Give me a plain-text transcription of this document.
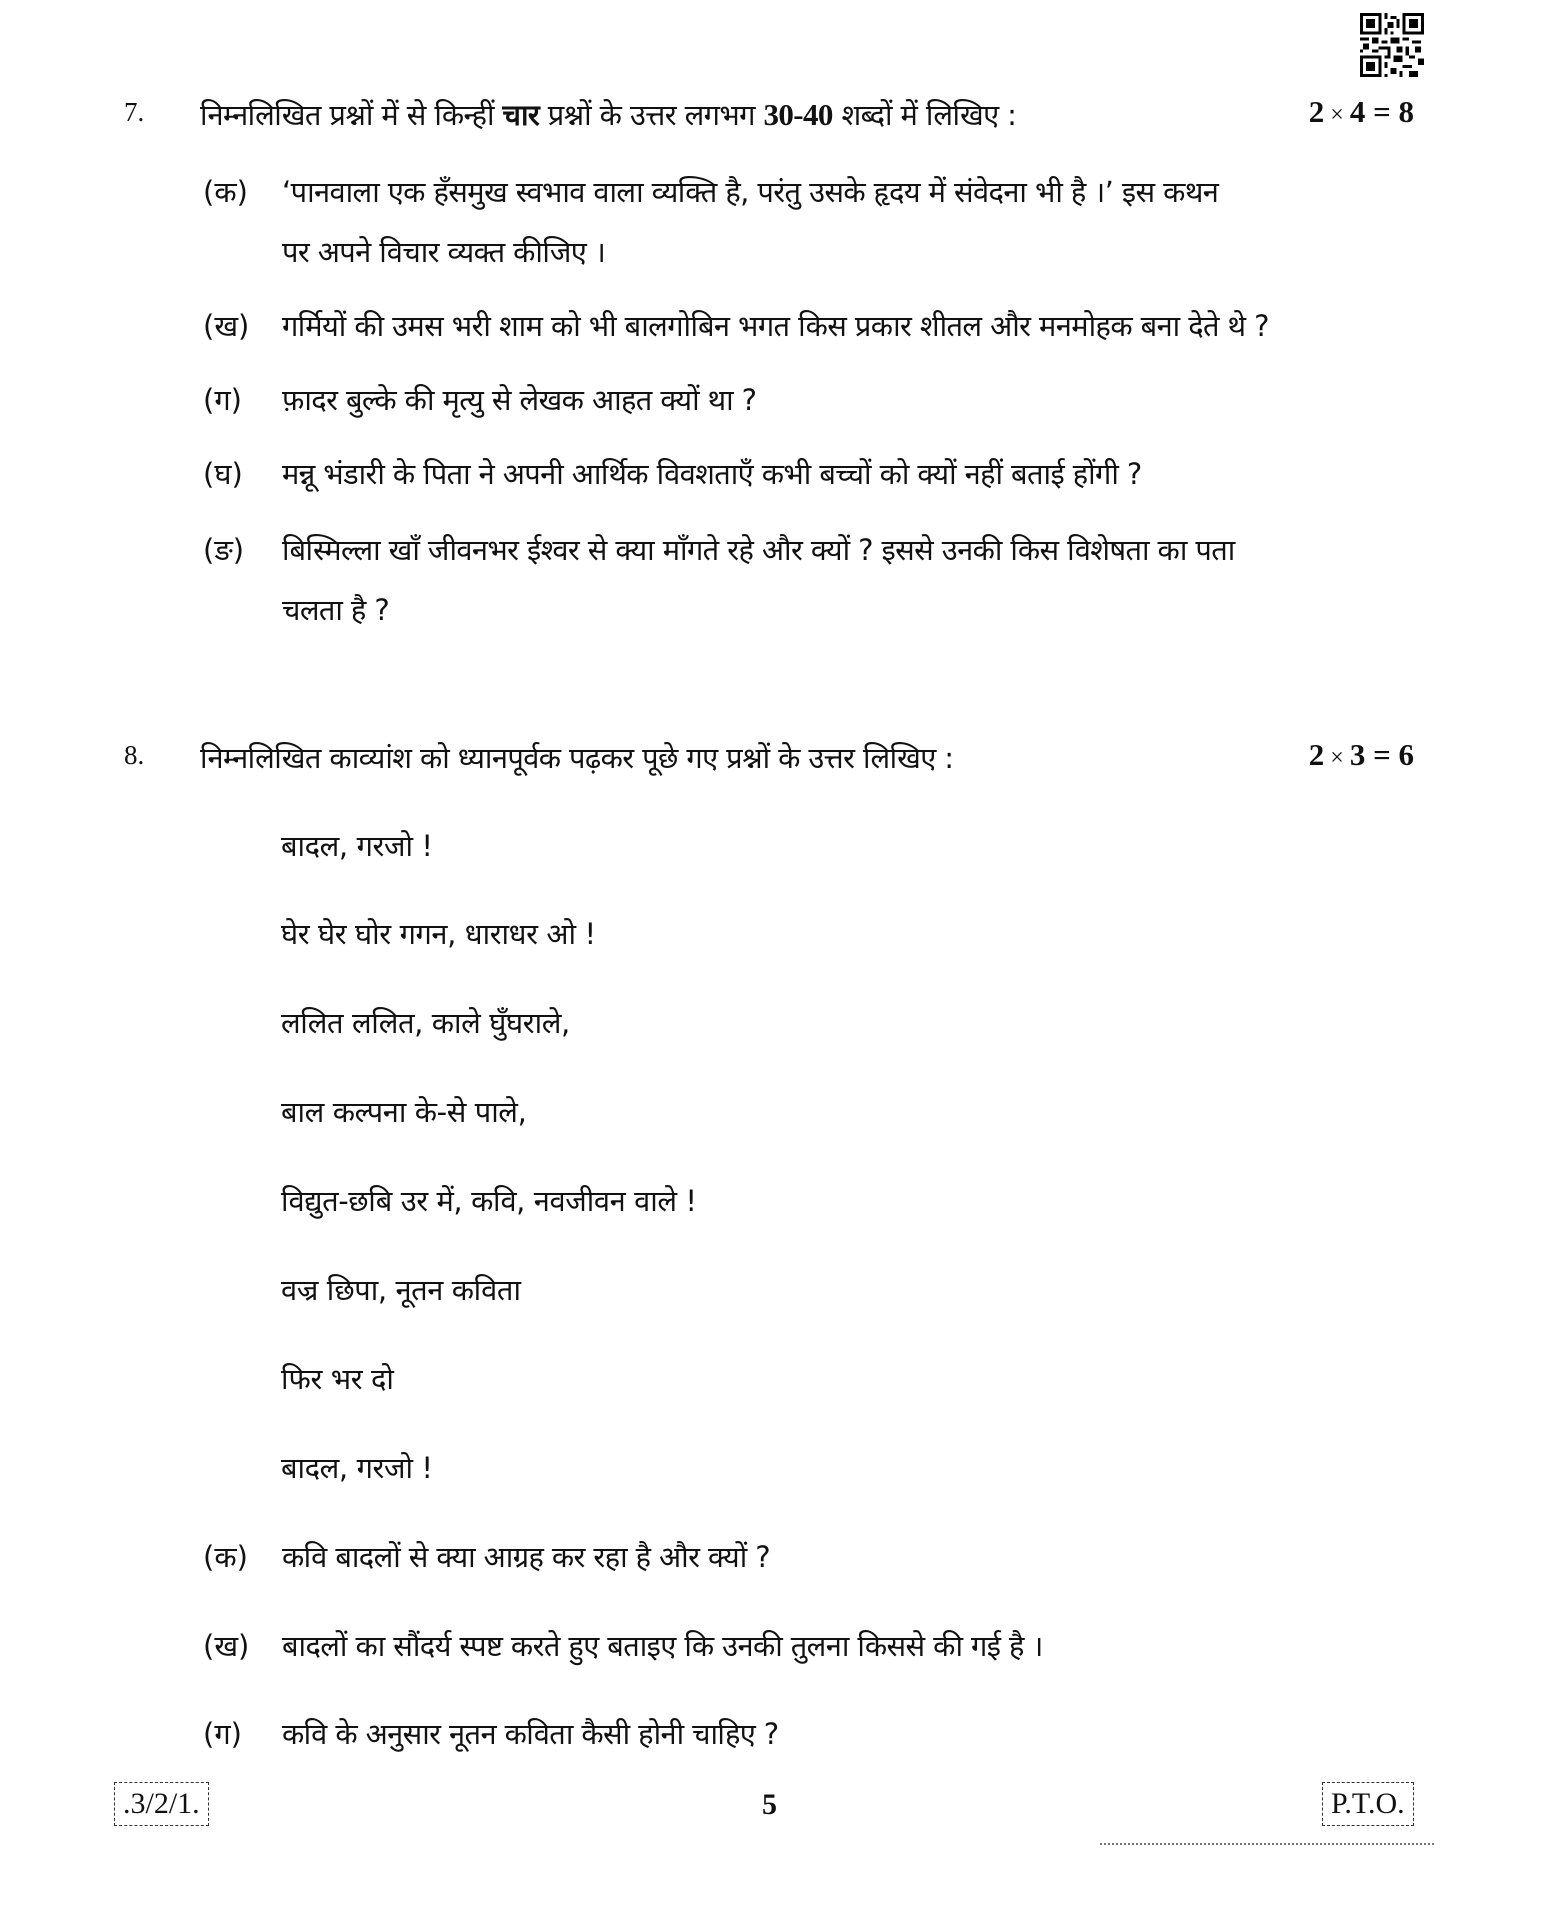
7. निम्नलिखित प्रश्नों में से किन्हीं चार प्रश्नों के उत्तर लगभग 30-40 शब्दों में लिखिए :	2 × 4 = 8
(क) ‘पानवाला एक हँसमुख स्वभाव वाला व्यक्ति है, परंतु उसके हृदय में संवेदना भी है ।’ इस कथन
पर अपने विचार व्यक्त कीजिए ।
(ख) गर्मियों की उमस भरी शाम को भी बालगोबिन भगत किस प्रकार शीतल और मनमोहक बना देते थे ?
(ग) फ़ादर बुल्के की मृत्यु से लेखक आहत क्यों था ?
(घ) मन्नू भंडारी के पिता ने अपनी आर्थिक विवशताएँ कभी बच्चों को क्यों नहीं बताई होंगी ?
(ङ) बिस्मिल्ला खाँ जीवनभर ईश्वर से क्या माँगते रहे और क्यों ? इससे उनकी किस विशेषता का पता
चलता है ?
8. निम्नलिखित काव्यांश को ध्यानपूर्वक पढ़कर पूछे गए प्रश्नों के उत्तर लिखिए :	2 × 3 = 6
बादल, गरजो !
घेर घेर घोर गगन, धाराधर ओ !
ललित ललित, काले घुँघराले,
बाल कल्पना के-से पाले,
विद्युत-छबि उर में, कवि, नवजीवन वाले !
वज्र छिपा, नूतन कविता
फिर भर दो
बादल, गरजो !
(क) कवि बादलों से क्या आग्रह कर रहा है और क्यों ?
(ख) बादलों का सौंदर्य स्पष्ट करते हुए बताइए कि उनकी तुलना किससे की गई है ।
(ग) कवि के अनुसार नूतन कविता कैसी होनी चाहिए ?
.3/2/1.	5	P.T.O.
